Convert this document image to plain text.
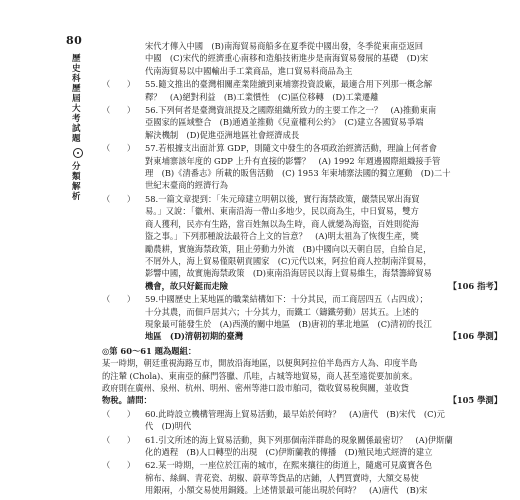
80
歷史科歷屆大考試題
分類解析
宋代才傳入中國　(B)南海貿易商船多在夏季從中國出發，冬季從東南亞返回
中國　(C)宋代的經濟重心南移和造船技術進步是南海貿易發展的基礎　(D)宋
代南海貿易以中國輸出手工業商品，進口貿易料商品為主
（　　） 55.隨文推出的臺灣相關產業陸續到東埔寨投資設廠，最適合用下列那一概念解
釋？　(A)絕對利益　(B)工業慣性　(C)區位移轉　(D)工業遷離
（　　） 56.下列何者是臺灣資訊提及之國際組織所致力的主要工作之一？　(A)推動東南
亞國家的區域整合　(B)通過並推動《兒童權利公約》　(C)建立各國貿易爭端
解決機制　(D)促進亞洲地區社會經濟成長
（　　） 57.若根據支出面計算 GDP，則隨文中發生的各項政治經濟活動，理論上何者會
對東埔寨該年度的 GDP 上升有直接的影響？　(A) 1992 年週邊國際組織接手管
理　(B)《清番志》所載的販售活動　(C) 1953 年柬埔寨法國的獨立運動　(D)二十
世紀末臺商的經濟行為
（　　） 58.一篇文章提到：「朱元璋建立明朝以後，實行海禁政策，嚴禁民眾出海貿
易。」又說：「徽州、東南沿海一帶山多地少，民以商為生，中日貿易，雙方
商人獲利，民亦有生路，當百姓無以為生時，商人就變為海盜，百姓則從海
盜之事。」下列那種說法最符合上文的旨意？　(A)明太祖為了恢復生產，獎
勵農耕，實施海禁政策，阻止勞動力外流　(B)中國向以天朝自居，自給自足，
不屑外人，海上貿易僅限朝貢國家　(C)元代以來，阿拉伯商人控制南洋貿易，
影響中國，故實施海禁政策　(D)東南沿海居民以海上貿易維生，海禁籌締貿易
機會，故只好鋌而走險	【106 指考】
（　　） 59.中國歷史上某地區的職業結構如下：十分其民，而工商居四五（占四成）；
十分其農，而佃戶居其六；十分其力，而鐵工（鑄鐵勞動）居其五。上述的
現象最可能發生於　(A)西漢的關中地區　(B)唐初的華北地區　(C)清初的長江
地區　(D)清朝初期的臺灣	【106 學測】
◎第 60～61 題為題組：
某一時期，朝廷重視海路互市，開放沿海地區，以便與阿拉伯半島西方人為、印度半島
的注輦 (Chola)、東南亞的蘇門答臘、爪哇，占城等地貿易，商人甚至遠從要加前來。
政府則在廣州、泉州、杭州、明州、密州等港口設市舶司，徵收貿易稅與關，並收貨
物稅。請問：	【105 學測】
（　　） 60.此時設立機構管理海上貿易活動，最早始於何時？　(A)唐代　(B)宋代　(C)元
代　(D)明代
（　　） 61.引文所述的海上貿易活動，與下列那個南洋群島的現象關係最密切？　(A)伊斯蘭
化的過程　(B)人口轉型的出現　(C)伊斯蘭教的傳播　(D)殖民地式經濟的建立
（　　） 62.某一時期，一座位於江南的城市，在熙來攘往的街道上，隨處可見廣寶各色
棉布、絲綢、青花瓷、胡椒、蔚草等貨品的店鋪，人們買賣時，大額交易使
用銀兩，小額交易使用銅錢。上述情景最可能出現於何時？　(A)唐代　(B)宋
